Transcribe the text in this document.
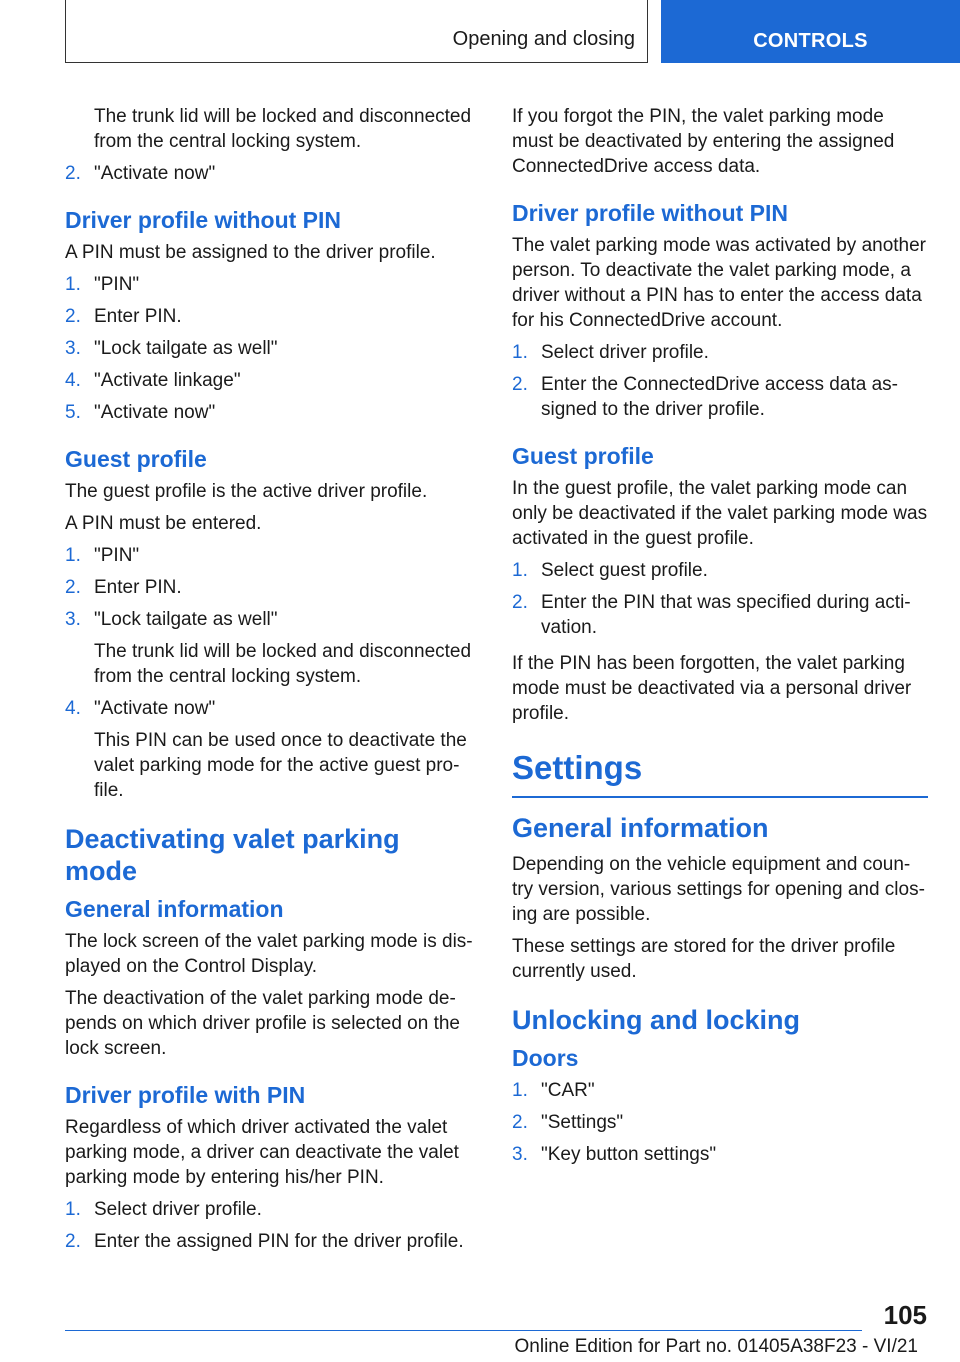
Opening and closing	CONTROLS

The trunk lid will be locked and disconnected from the central locking system.

2. "Activate now"
Driver profile without PIN

A PIN must be assigned to the driver profile.

1. "PIN"
2. Enter PIN.
3. "Lock tailgate as well"
4. "Activate linkage"
5. "Activate now"
Guest profile

The guest profile is the active driver profile.

A PIN must be entered.

1. "PIN"
2. Enter PIN.
3. "Lock tailgate as well"
The trunk lid will be locked and disconnected from the central locking system.
4. "Activate now"
This PIN can be used once to deactivate the valet parking mode for the active guest pro-file.
Deactivating valet parking mode
General information

The lock screen of the valet parking mode is dis-played on the Control Display.

The deactivation of the valet parking mode de-pends on which driver profile is selected on the lock screen.

Driver profile with PIN

Regardless of which driver activated the valet parking mode, a driver can deactivate the valet parking mode by entering his/her PIN.

1. Select driver profile.
2. Enter the assigned PIN for the driver profile.

If you forgot the PIN, the valet parking mode must be deactivated by entering the assigned ConnectedDrive access data.

Driver profile without PIN

The valet parking mode was activated by another person. To deactivate the valet parking mode, a driver without a PIN has to enter the access data for his ConnectedDrive account.

1. Select driver profile.
2. Enter the ConnectedDrive access data as-signed to the driver profile.
Guest profile

In the guest profile, the valet parking mode can only be deactivated if the valet parking mode was activated in the guest profile.

1. Select guest profile.
2. Enter the PIN that was specified during acti-vation.

If the PIN has been forgotten, the valet parking mode must be deactivated via a personal driver profile.

Settings
General information

Depending on the vehicle equipment and coun-try version, various settings for opening and clos-ing are possible.

These settings are stored for the driver profile currently used.

Unlocking and locking
Doors
1. "CAR"
2. "Settings"
3. "Key button settings"
105
Online Edition for Part no. 01405A38F23 - VI/21
